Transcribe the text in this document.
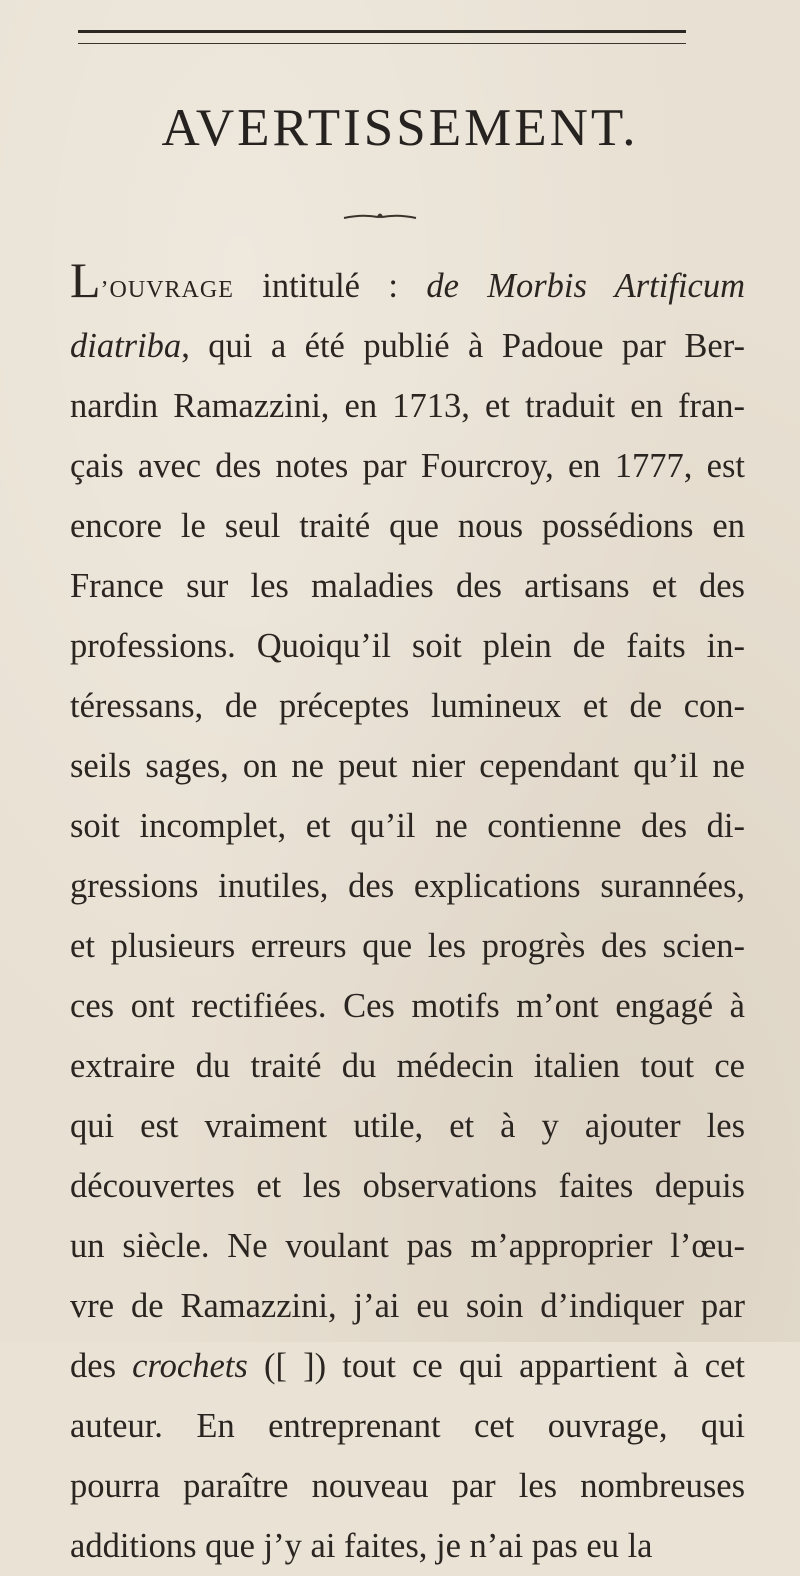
AVERTISSEMENT.
L’OUVRAGE intitulé : de Morbis Artificum
diatriba, qui a été publié à Padoue par Ber-
nardin Ramazzini, en 1713, et traduit en fran-
çais avec des notes par Fourcroy, en 1777, est
encore le seul traité que nous possédions en
France sur les maladies des artisans et des
professions. Quoiqu’il soit plein de faits in-
téressans, de préceptes lumineux et de con-
seils sages, on ne peut nier cependant qu’il ne
soit incomplet, et qu’il ne contienne des di-
gressions inutiles, des explications surannées,
et plusieurs erreurs que les progrès des scien-
ces ont rectifiées. Ces motifs m’ont engagé à
extraire du traité du médecin italien tout ce
qui est vraiment utile, et à y ajouter les
découvertes et les observations faites depuis
un siècle. Ne voulant pas m’approprier l’œu-
vre de Ramazzini, j’ai eu soin d’indiquer par
des crochets ([ ]) tout ce qui appartient à cet
auteur. En entreprenant cet ouvrage, qui
pourra paraître nouveau par les nombreuses
additions que j’y ai faites, je n’ai pas eu la
